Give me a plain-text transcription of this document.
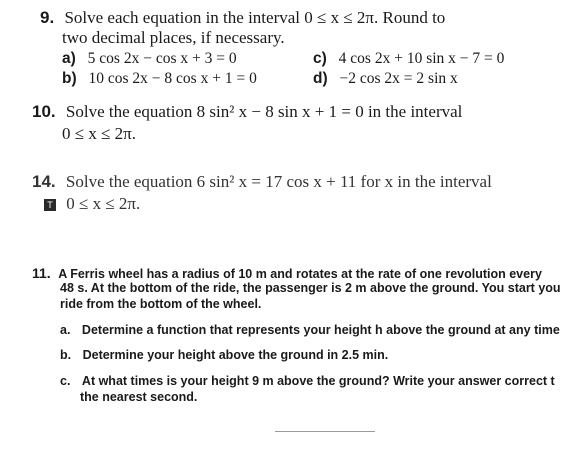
9. Solve each equation in the interval 0 ≤ x ≤ 2π. Round to
two decimal places, if necessary.
a) 5 cos 2x − cos x + 3 = 0	c) 4 cos 2x + 10 sin x − 7 = 0
b) 10 cos 2x − 8 cos x + 1 = 0	d) −2 cos 2x = 2 sin x
10. Solve the equation 8 sin² x − 8 sin x + 1 = 0 in the interval
0 ≤ x ≤ 2π.
14. Solve the equation 6 sin² x = 17 cos x + 11 for x in the interval
T 0 ≤ x ≤ 2π.
11. A Ferris wheel has a radius of 10 m and rotates at the rate of one revolution every
48 s. At the bottom of the ride, the passenger is 2 m above the ground. You start you
ride from the bottom of the wheel.
a. Determine a function that represents your height h above the ground at any time
b. Determine your height above the ground in 2.5 min.
c. At what times is your height 9 m above the ground? Write your answer correct t
the nearest second.
